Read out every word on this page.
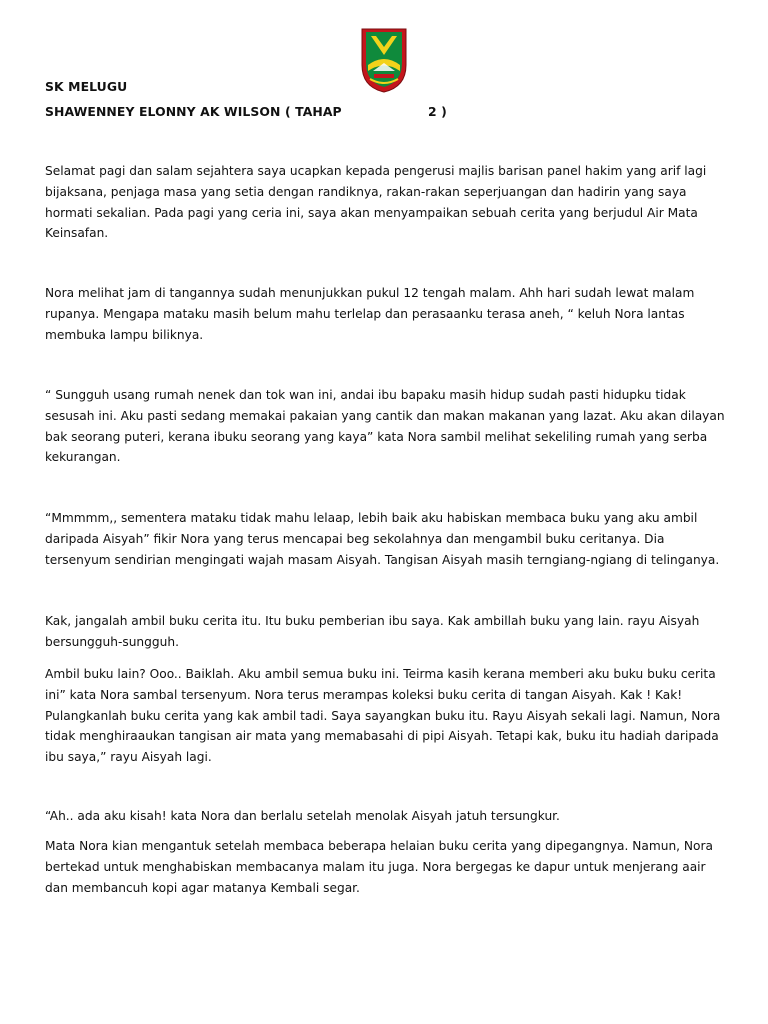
SK MELUGU
SHAWENNEY ELONNY AK WILSON ( TAHAP	2 )

Selamat pagi dan salam sejahtera saya ucapkan kepada pengerusi majlis barisan panel hakim yang arif lagi bijaksana, penjaga masa yang setia dengan randiknya, rakan-rakan seperjuangan dan hadirin yang saya hormati sekalian. Pada pagi yang ceria ini, saya akan menyampaikan sebuah cerita yang berjudul Air Mata Keinsafan.

Nora melihat jam di tangannya sudah menunjukkan pukul 12 tengah malam. Ahh hari sudah lewat malam rupanya. Mengapa mataku masih belum mahu terlelap dan perasaanku terasa aneh, “ keluh Nora lantas membuka lampu biliknya.

“ Sungguh usang rumah nenek dan tok wan ini, andai ibu bapaku masih hidup sudah pasti hidupku tidak sesusah ini. Aku pasti sedang memakai pakaian yang cantik dan makan makanan yang lazat. Aku akan dilayan bak seorang puteri, kerana ibuku seorang yang kaya” kata Nora sambil melihat sekeliling rumah yang serba kekurangan.

“Mmmmm,, sementera mataku tidak mahu lelaap, lebih baik aku habiskan membaca buku yang aku ambil daripada Aisyah” fikir Nora yang terus mencapai beg sekolahnya dan mengambil buku ceritanya. Dia tersenyum sendirian mengingati wajah masam Aisyah. Tangisan Aisyah masih terngiang-ngiang di telinganya.

Kak, jangalah ambil buku cerita itu. Itu buku pemberian ibu saya. Kak ambillah buku yang lain. rayu Aisyah bersungguh-sungguh.

Ambil buku lain? Ooo.. Baiklah. Aku ambil semua buku ini. Teirma kasih kerana memberi aku buku buku cerita ini” kata Nora sambal tersenyum. Nora terus merampas koleksi buku cerita di tangan Aisyah. Kak ! Kak! Pulangkanlah buku cerita yang kak ambil tadi. Saya sayangkan buku itu. Rayu Aisyah sekali lagi. Namun, Nora tidak menghiraaukan tangisan air mata yang memabasahi di pipi Aisyah. Tetapi kak, buku itu hadiah daripada ibu saya,” rayu Aisyah lagi.

“Ah.. ada aku kisah! kata Nora dan berlalu setelah menolak Aisyah jatuh tersungkur.

Mata Nora kian mengantuk setelah membaca beberapa helaian buku cerita yang dipegangnya. Namun, Nora bertekad untuk menghabiskan membacanya malam itu juga. Nora bergegas ke dapur untuk menjerang aair dan membancuh kopi agar matanya Kembali segar.
